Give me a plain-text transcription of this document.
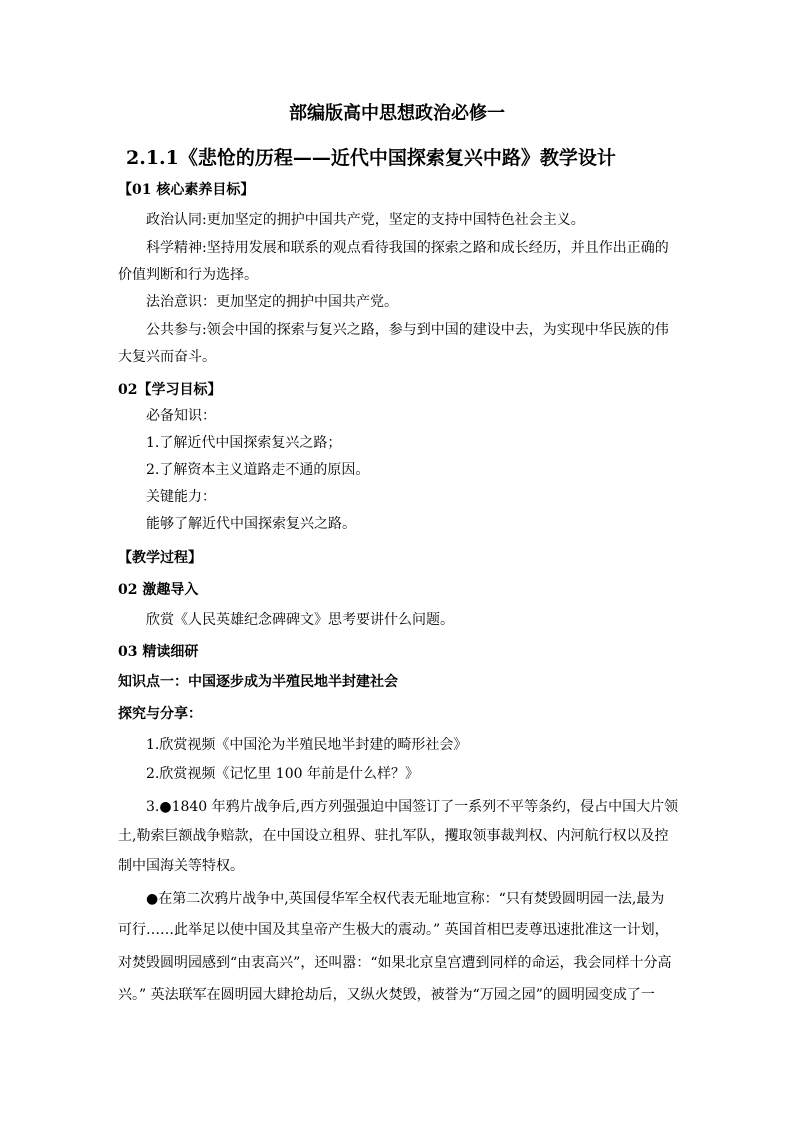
部编版高中思想政治必修一
2.1.1《悲怆的历程——近代中国探索复兴中路》教学设计
【01 核心素养目标】
政治认同:更加坚定的拥护中国共产党，坚定的支持中国特色社会主义。
科学精神:坚持用发展和联系的观点看待我国的探索之路和成长经历，并且作出正确的
价值判断和行为选择。
法治意识：更加坚定的拥护中国共产党。
公共参与:领会中国的探索与复兴之路，参与到中国的建设中去，为实现中华民族的伟
大复兴而奋斗。
02【学习目标】
必备知识：
1.了解近代中国探索复兴之路；
2.了解资本主义道路走不通的原因。
关键能力：
能够了解近代中国探索复兴之路。
【教学过程】
02 激趣导入
欣赏《人民英雄纪念碑碑文》思考要讲什么问题。
03 精读细研
知识点一：中国逐步成为半殖民地半封建社会
探究与分享：
1.欣赏视频《中国沦为半殖民地半封建的畸形社会》
2.欣赏视频《记忆里 100 年前是什么样？》
3.●1840 年鸦片战争后,西方列强强迫中国签订了一系列不平等条约，侵占中国大片领
土,勒索巨额战争赔款，在中国设立租界、驻扎军队，攫取领事裁判权、内河航行权以及控
制中国海关等特权。
●在第二次鸦片战争中,英国侵华军全权代表无耻地宣称：“只有焚毁圆明园一法,最为
可行……此举足以使中国及其皇帝产生极大的震动。” 英国首相巴麦尊迅速批准这一计划，
对焚毁圆明园感到“由衷高兴”，还叫嚣：“如果北京皇宫遭到同样的命运，我会同样十分高
兴。” 英法联军在圆明园大肆抢劫后，又纵火焚毁，被誉为“万园之园”的圆明园变成了一
